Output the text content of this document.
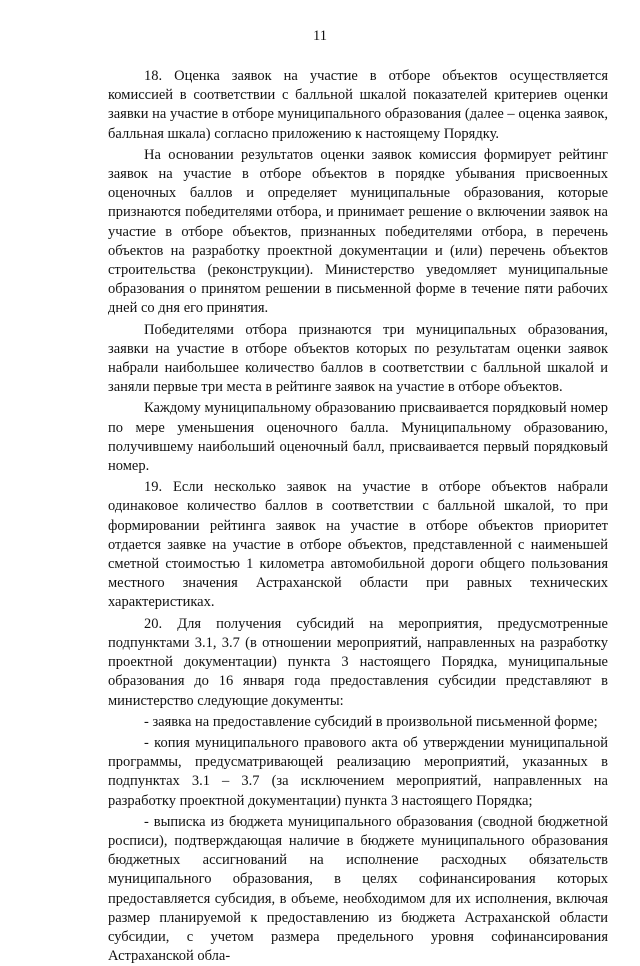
11

18. Оценка заявок на участие в отборе объектов осуществляется комиссией в соответствии с балльной шкалой показателей критериев оценки заявки на участие в отборе муниципального образования (далее – оценка заявок, балльная шкала) согласно приложению к настоящему Порядку.

На основании результатов оценки заявок комиссия формирует рейтинг заявок на участие в отборе объектов в порядке убывания присвоенных оценочных баллов и определяет муниципальные образования, которые признаются победителями отбора, и принимает решение о включении заявок на участие в отборе объектов, признанных победителями отбора, в перечень объектов на разработку проектной документации и (или) перечень объектов строительства (реконструкции). Министерство уведомляет муниципальные образования о принятом решении в письменной форме в течение пяти рабочих дней со дня его принятия.

Победителями отбора признаются три муниципальных образования, заявки на участие в отборе объектов которых по результатам оценки заявок набрали наибольшее количество баллов в соответствии с балльной шкалой и заняли первые три места в рейтинге заявок на участие в отборе объектов.

Каждому муниципальному образованию присваивается порядковый номер по мере уменьшения оценочного балла. Муниципальному образованию, получившему наибольший оценочный балл, присваивается первый порядковый номер.

19. Если несколько заявок на участие в отборе объектов набрали одинаковое количество баллов в соответствии с балльной шкалой, то при формировании рейтинга заявок на участие в отборе объектов приоритет отдается заявке на участие в отборе объектов, представленной с наименьшей сметной стоимостью 1 километра автомобильной дороги общего пользования местного значения Астраханской области при равных технических характеристиках.

20. Для получения субсидий на мероприятия, предусмотренные подпунктами 3.1, 3.7 (в отношении мероприятий, направленных на разработку проектной документации) пункта 3 настоящего Порядка, муниципальные образования до 16 января года предоставления субсидии представляют в министерство следующие документы:

- заявка на предоставление субсидий в произвольной письменной форме;

- копия муниципального правового акта об утверждении муниципальной программы, предусматривающей реализацию мероприятий, указанных в подпунктах 3.1 – 3.7 (за исключением мероприятий, направленных на разработку проектной документации) пункта 3 настоящего Порядка;

- выписка из бюджета муниципального образования (сводной бюджетной росписи), подтверждающая наличие в бюджете муниципального образования бюджетных ассигнований на исполнение расходных обязательств муниципального образования, в целях софинансирования которых предоставляется субсидия, в объеме, необходимом для их исполнения, включая размер планируемой к предоставлению из бюджета Астраханской области субсидии, с учетом размера предельного уровня софинансирования Астраханской обла-
